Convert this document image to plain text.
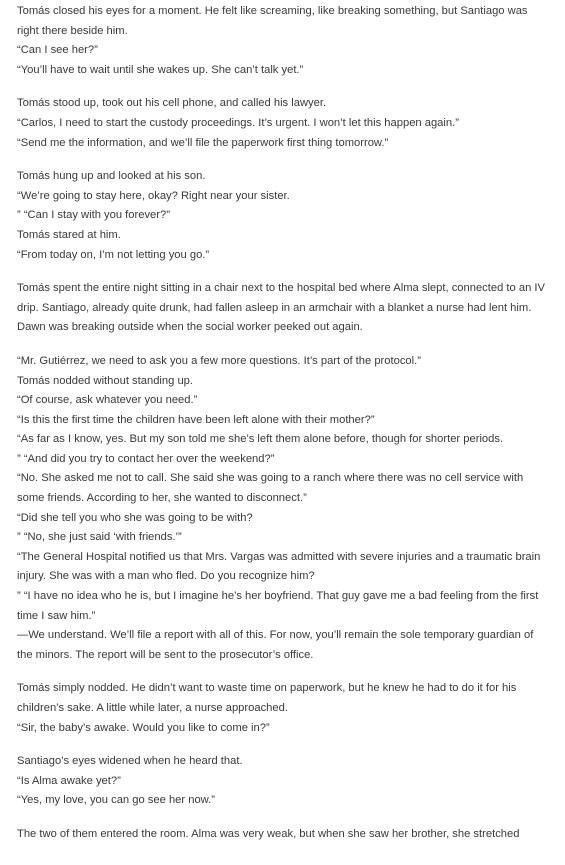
Tomás closed his eyes for a moment. He felt like screaming, like breaking something, but Santiago was right there beside him.
“Can I see her?”
“You’ll have to wait until she wakes up. She can’t talk yet.”
Tomás stood up, took out his cell phone, and called his lawyer.
“Carlos, I need to start the custody proceedings. It’s urgent. I won’t let this happen again.”
“Send me the information, and we’ll file the paperwork first thing tomorrow.”
Tomás hung up and looked at his son.
“We’re going to stay here, okay? Right near your sister.
” “Can I stay with you forever?”
Tomás stared at him.
“From today on, I’m not letting you go.”
Tomás spent the entire night sitting in a chair next to the hospital bed where Alma slept, connected to an IV drip. Santiago, already quite drunk, had fallen asleep in an armchair with a blanket a nurse had lent him. Dawn was breaking outside when the social worker peeked out again.
“Mr. Gutiérrez, we need to ask you a few more questions. It’s part of the protocol.”
Tomás nodded without standing up.
“Of course, ask whatever you need.”
“Is this the first time the children have been left alone with their mother?”
“As far as I know, yes. But my son told me she’s left them alone before, though for shorter periods.
” “And did you try to contact her over the weekend?”
“No. She asked me not to call. She said she was going to a ranch where there was no cell service with some friends. According to her, she wanted to disconnect.”
“Did she tell you who she was going to be with?
” “No, she just said ‘with friends.’”
“The General Hospital notified us that Mrs. Vargas was admitted with severe injuries and a traumatic brain injury. She was with a man who fled. Do you recognize him?
” “I have no idea who he is, but I imagine he’s her boyfriend. That guy gave me a bad feeling from the first time I saw him.”
—We understand. We’ll file a report with all of this. For now, you’ll remain the sole temporary guardian of the minors. The report will be sent to the prosecutor’s office.
Tomás simply nodded. He didn’t want to waste time on paperwork, but he knew he had to do it for his children’s sake. A little while later, a nurse approached.
“Sir, the baby’s awake. Would you like to come in?”
Santiago’s eyes widened when he heard that.
“Is Alma awake yet?”
“Yes, my love, you can go see her now.”
The two of them entered the room. Alma was very weak, but when she saw her brother, she stretched
